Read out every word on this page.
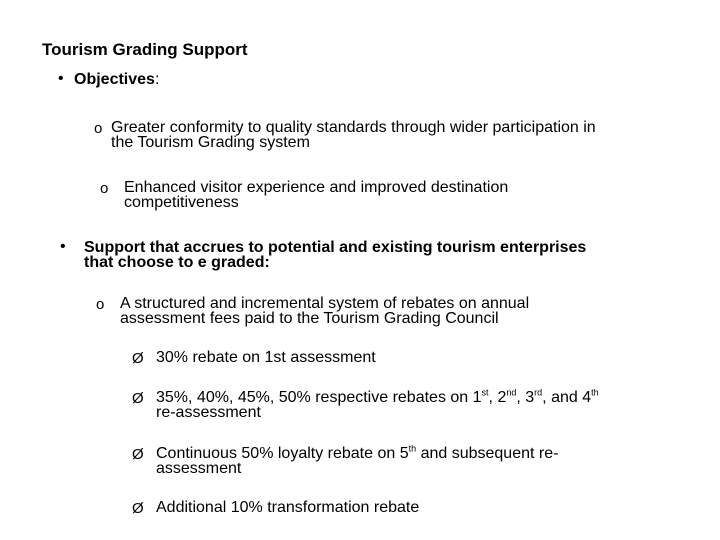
Tourism Grading Support
• Objectives:
o Greater conformity to quality standards through wider participation in
the Tourism Grading system
o Enhanced visitor experience and improved destination
competitiveness
• Support that accrues to potential and existing tourism enterprises
that choose to e graded:
o A structured and incremental system of rebates on annual
assessment fees paid to the Tourism Grading Council
Ø 30% rebate on 1st assessment
Ø 35%, 40%, 45%, 50% respective rebates on 1st, 2nd, 3rd, and 4th
re-assessment
Ø Continuous 50% loyalty rebate on 5th and subsequent re-
assessment
Ø Additional 10% transformation rebate
